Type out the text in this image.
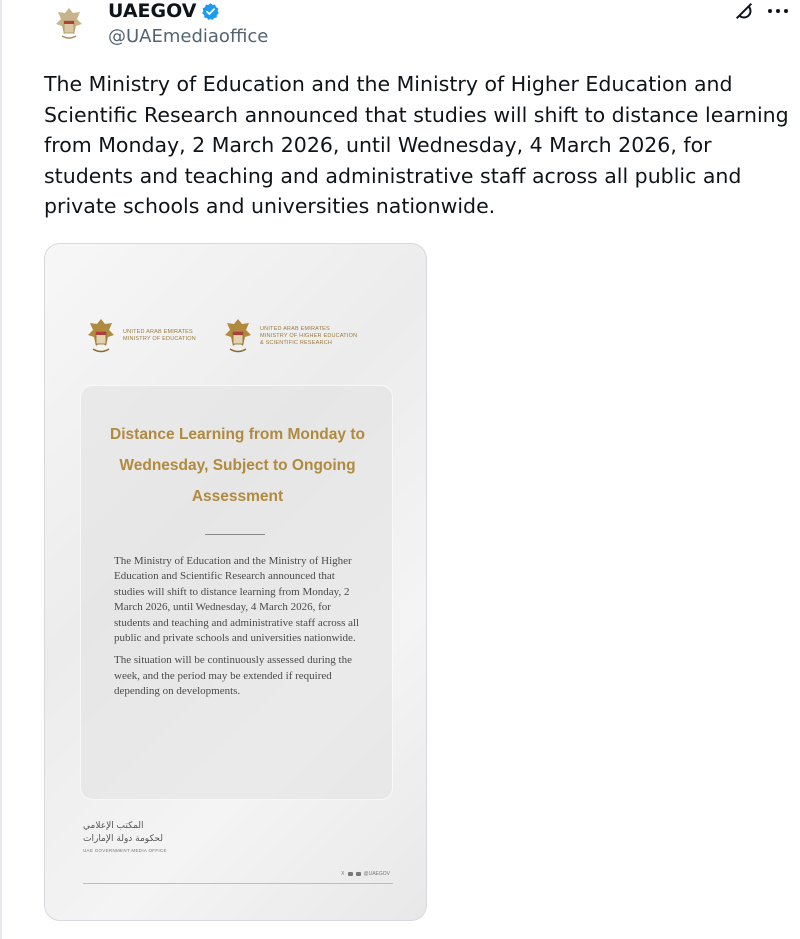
UAEGOV
@UAEmediaoffice
The Ministry of Education and the Ministry of Higher Education and Scientific Research announced that studies will shift to distance learning from Monday, 2 March 2026, until Wednesday, 4 March 2026, for students and teaching and administrative staff across all public and private schools and universities nationwide.
UNITED ARAB EMIRATES
MINISTRY OF EDUCATION
UNITED ARAB EMIRATES
MINISTRY OF HIGHER EDUCATION
& SCIENTIFIC RESEARCH
Distance Learning from Monday to Wednesday, Subject to Ongoing Assessment

The Ministry of Education and the Ministry of Higher Education and Scientific Research announced that studies will shift to distance learning from Monday, 2 March 2026, until Wednesday, 4 March 2026, for students and teaching and administrative staff across all public and private schools and universities nationwide.

The situation will be continuously assessed during the week, and the period may be extended if required depending on developments.

المكتب الإعلامي
لحكومة دولة الإمارات
UAE GOVERNMENT MEDIA OFFICE
X	@UAEGOV
